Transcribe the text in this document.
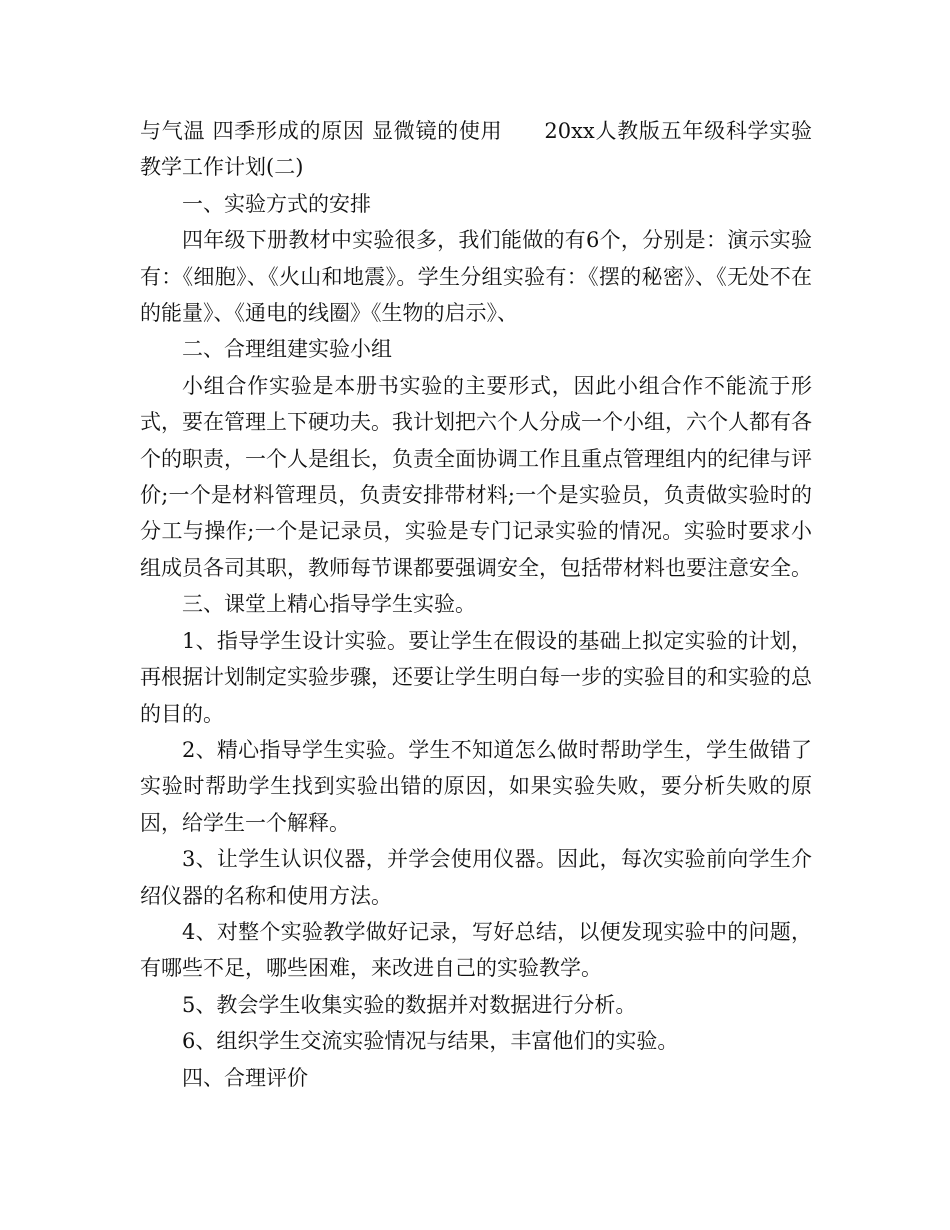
与气温 四季形成的原因 显微镜的使用 20xx人教版五年级科学实验教学工作计划(二)

一、实验方式的安排

四年级下册教材中实验很多，我们能做的有6个，分别是：演示实验有：《细胞》、《火山和地震》。学生分组实验有：《摆的秘密》、《无处不在的能量》、《通电的线圈》《生物的启示》、

二、合理组建实验小组

小组合作实验是本册书实验的主要形式，因此小组合作不能流于形式，要在管理上下硬功夫。我计划把六个人分成一个小组，六个人都有各个的职责，一个人是组长，负责全面协调工作且重点管理组内的纪律与评价;一个是材料管理员，负责安排带材料;一个是实验员，负责做实验时的分工与操作;一个是记录员，实验是专门记录实验的情况。实验时要求小组成员各司其职，教师每节课都要强调安全，包括带材料也要注意安全。

三、课堂上精心指导学生实验。

1、指导学生设计实验。要让学生在假设的基础上拟定实验的计划，再根据计划制定实验步骤，还要让学生明白每一步的实验目的和实验的总的目的。

2、精心指导学生实验。学生不知道怎么做时帮助学生，学生做错了实验时帮助学生找到实验出错的原因，如果实验失败，要分析失败的原因，给学生一个解释。

3、让学生认识仪器，并学会使用仪器。因此，每次实验前向学生介绍仪器的名称和使用方法。

4、对整个实验教学做好记录，写好总结，以便发现实验中的问题，有哪些不足，哪些困难，来改进自己的实验教学。

5、教会学生收集实验的数据并对数据进行分析。

6、组织学生交流实验情况与结果，丰富他们的实验。

四、合理评价
